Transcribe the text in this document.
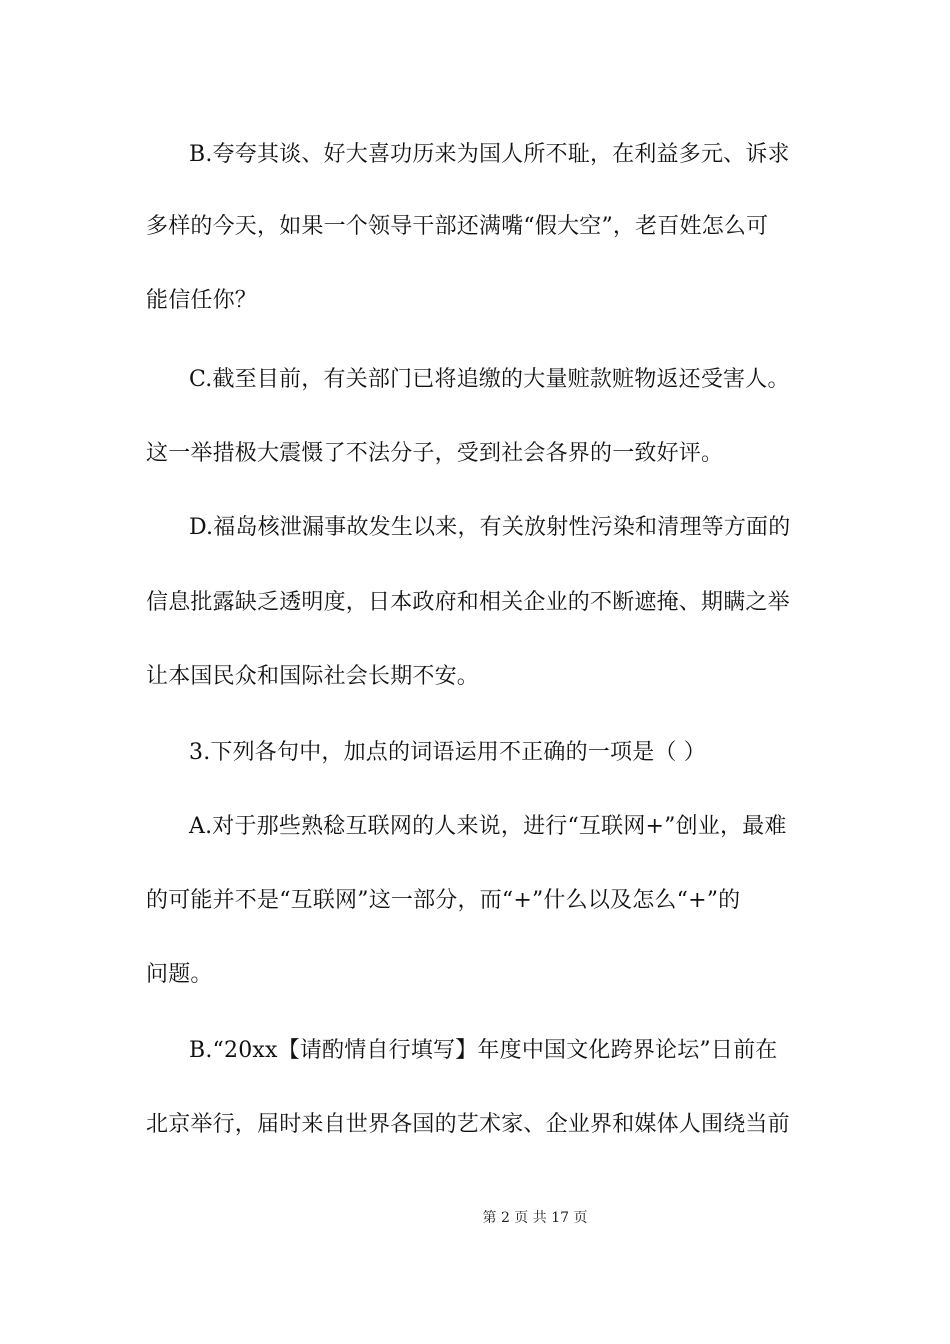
B.夸夸其谈、好大喜功历来为国人所不耻，在利益多元、诉求
多样的今天，如果一个领导干部还满嘴“假大空”，老百姓怎么可
能信任你？
C.截至目前，有关部门已将追缴的大量赃款赃物返还受害人。
这一举措极大震慑了不法分子，受到社会各界的一致好评。
D.福岛核泄漏事故发生以来，有关放射性污染和清理等方面的
信息批露缺乏透明度，日本政府和相关企业的不断遮掩、期瞒之举
让本国民众和国际社会长期不安。
3.下列各句中，加点的词语运用不正确的一项是（ ）
A.对于那些熟稔互联网的人来说，进行“互联网+”创业，最难
的可能并不是“互联网”这一部分，而“+”什么以及怎么“+”的
问题。
B.“20xx【请酌情自行填写】年度中国文化跨界论坛”日前在
北京举行，届时来自世界各国的艺术家、企业界和媒体人围绕当前
第 2 页 共 17 页
